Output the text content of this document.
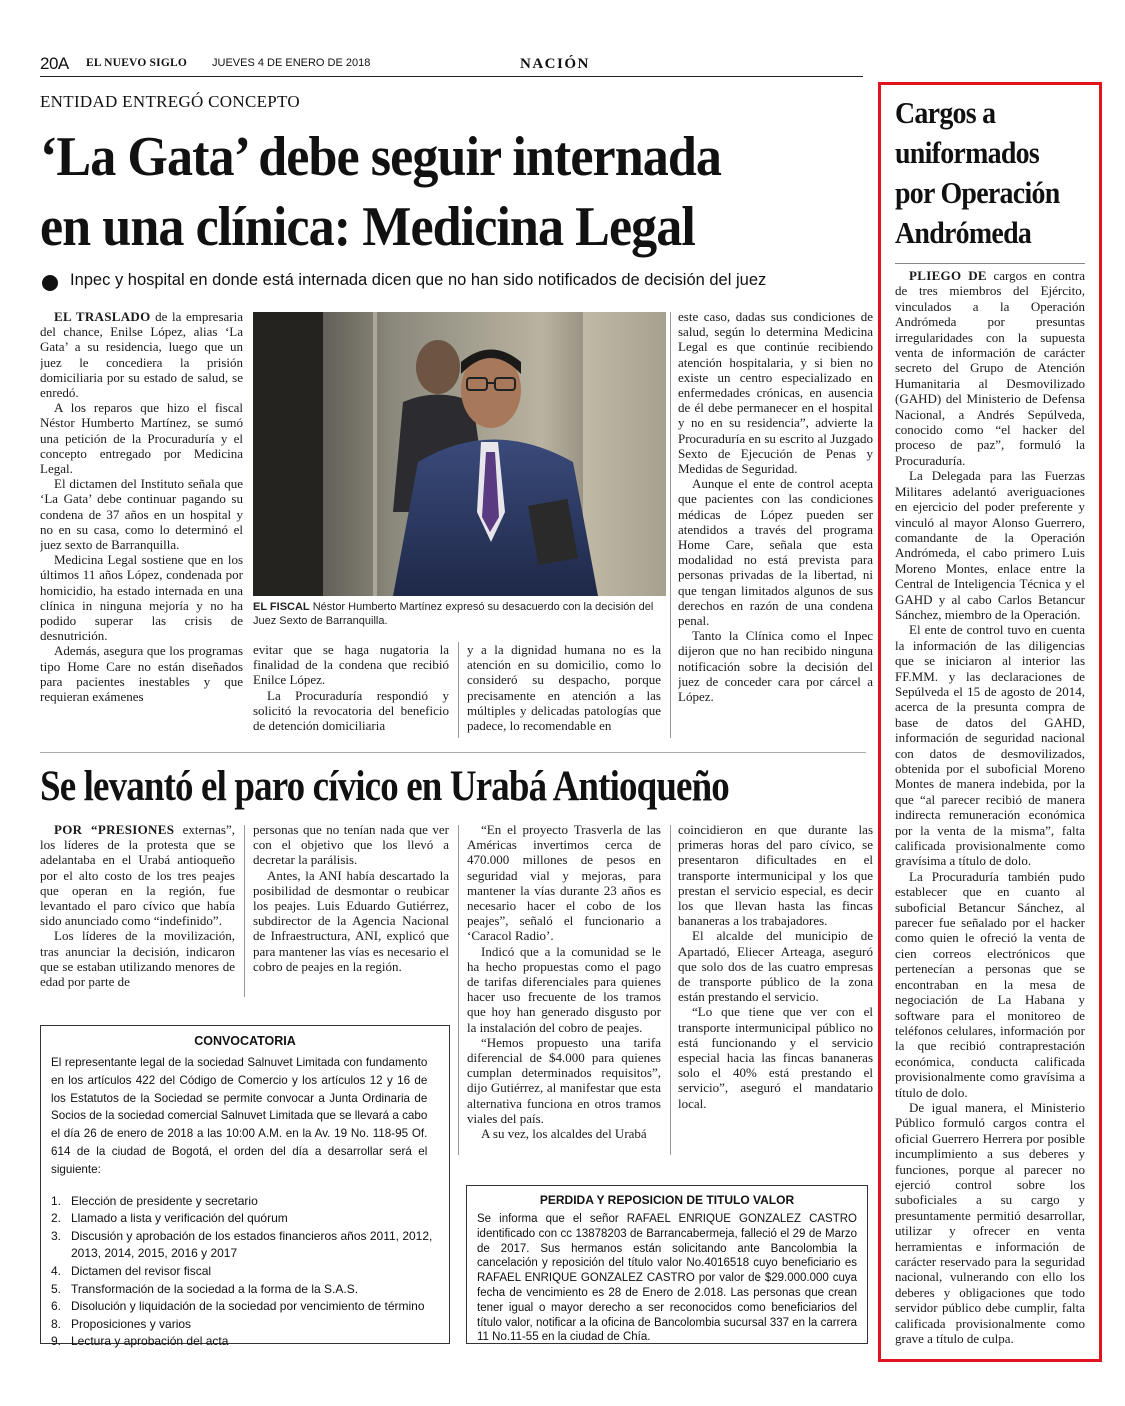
20A EL NUEVO SIGLO JUEVES 4 DE ENERO DE 2018	NACIÓN
ENTIDAD ENTREGÓ CONCEPTO
‘La Gata’ debe seguir internada
en una clínica: Medicina Legal
Inpec y hospital en donde está internada dicen que no han sido notificados de decisión del juez

EL TRASLADO de la empresaria del chance, Enilse López, alias ‘La Gata’ a su residencia, luego que un juez le concediera la prisión domiciliaria por su estado de salud, se enredó.

A los reparos que hizo el fiscal Néstor Humberto Martínez, se sumó una petición de la Procuraduría y el concepto entregado por Medicina Legal.

El dictamen del Instituto señala que ‘La Gata’ debe continuar pagando su condena de 37 años en un hospital y no en su casa, como lo determinó el juez sexto de Barranquilla.

Medicina Legal sostiene que en los últimos 11 años López, condenada por homicidio, ha estado internada en una clínica in ninguna mejoría y no ha podido superar las crisis de desnutrición.

Además, asegura que los programas tipo Home Care no están diseñados para pacientes inestables y que requieran exámenes

EL FISCAL Néstor Humberto Martínez expresó su desacuerdo con la decisión del Juez Sexto de Barranquilla.

evitar que se haga nugatoria la finalidad de la condena que recibió Enilce López.

La Procuraduría respondió y solicitó la revocatoria del beneficio de detención domiciliaria

y a la dignidad humana no es la atención en su domicilio, como lo consideró su despacho, porque precisamente en atención a las múltiples y delicadas patologías que padece, lo recomendable en

este caso, dadas sus condiciones de salud, según lo determina Medicina Legal es que continúe recibiendo atención hospitalaria, y si bien no existe un centro especializado en enfermedades crónicas, en ausencia de él debe permanecer en el hospital y no en su residencia”, advierte la Procuraduría en su escrito al Juzgado Sexto de Ejecución de Penas y Medidas de Seguridad.

Aunque el ente de control acepta que pacientes con las condiciones médicas de López pueden ser atendidos a través del programa Home Care, señala que esta modalidad no está prevista para personas privadas de la libertad, ni que tengan limitados algunos de sus derechos en razón de una condena penal.

Tanto la Clínica como el Inpec dijeron que no han recibido ninguna notificación sobre la decisión del juez de conceder cara por cárcel a López.

Se levantó el paro cívico en Urabá Antioqueño

POR “PRESIONES externas”, los líderes de la protesta que se adelantaba en el Urabá antioqueño por el alto costo de los tres peajes que operan en la región, fue levantado el paro cívico que había sido anunciado como “indefinido”.

Los líderes de la movilización, tras anunciar la decisión, indicaron que se estaban utilizando menores de edad por parte de

personas que no tenían nada que ver con el objetivo que los llevó a decretar la parálisis.

Antes, la ANI había descartado la posibilidad de desmontar o reubicar los peajes. Luis Eduardo Gutiérrez, subdirector de la Agencia Nacional de Infraestructura, ANI, explicó que para mantener las vías es necesario el cobro de peajes en la región.

“En el proyecto Trasverla de las Américas invertimos cerca de 470.000 millones de pesos en seguridad vial y mejoras, para mantener la vías durante 23 años es necesario hacer el cobo de los peajes”, señaló el funcionario a ‘Caracol Radio’.

Indicó que a la comunidad se le ha hecho propuestas como el pago de tarifas diferenciales para quienes hacer uso frecuente de los tramos que hoy han generado disgusto por la instalación del cobro de peajes.

“Hemos propuesto una tarifa diferencial de $4.000 para quienes cumplan determinados requisitos”, dijo Gutiérrez, al manifestar que esta alternativa funciona en otros tramos viales del país.

A su vez, los alcaldes del Urabá

coincidieron en que durante las primeras horas del paro cívico, se presentaron dificultades en el transporte intermunicipal y los que prestan el servicio especial, es decir los que llevan hasta las fincas bananeras a los trabajadores.

El alcalde del municipio de Apartadó, Eliecer Arteaga, aseguró que solo dos de las cuatro empresas de transporte público de la zona están prestando el servicio.

“Lo que tiene que ver con el transporte intermunicipal público no está funcionando y el servicio especial hacia las fincas bananeras solo el 40% está prestando el servicio”, aseguró el mandatario local.

CONVOCATORIA
El representante legal de la sociedad Salnuvet Limitada con fundamento en los artículos 422 del Código de Comercio y los artículos 12 y 16 de los Estatutos de la Sociedad se permite convocar a Junta Ordinaria de Socios de la sociedad comercial Salnuvet Limitada que se llevará a cabo el día 26 de enero de 2018 a las 10:00 A.M. en la Av. 19 No. 118-95 Of. 614 de la ciudad de Bogotá, el orden del día a desarrollar será el siguiente:
1. Elección de presidente y secretario
2. Llamado a lista y verificación del quórum
3. Discusión y aprobación de los estados financieros años 2011, 2012,
2013, 2014, 2015, 2016 y 2017
4. Dictamen del revisor fiscal
5. Transformación de la sociedad a la forma de la S.A.S.
6. Disolución y liquidación de la sociedad por vencimiento de término
8. Proposiciones y varios
9. Lectura y aprobación del acta
PERDIDA Y REPOSICION DE TITULO VALOR
Se informa que el señor RAFAEL ENRIQUE GONZALEZ CASTRO identificado con cc 13878203 de Barrancabermeja, falleció el 29 de Marzo de 2017. Sus hermanos están solicitando ante Bancolombia la cancelación y reposición del título valor No.4016518 cuyo beneficiario es RAFAEL ENRIQUE GONZALEZ CASTRO por valor de $29.000.000 cuya fecha de vencimiento es 28 de Enero de 2.018. Las personas que crean tener igual o mayor derecho a ser reconocidos como beneficiarios del título valor, notificar a la oficina de Bancolombia sucursal 337 en la carrera 11 No.11-55 en la ciudad de Chía.
Cargos a
uniformados
por Operación
Andrómeda

PLIEGO DE cargos en contra de tres miembros del Ejército, vinculados a la Operación Andrómeda por presuntas irregularidades con la supuesta venta de información de carácter secreto del Grupo de Atención Humanitaria al Desmovilizado (GAHD) del Ministerio de Defensa Nacional, a Andrés Sepúlveda, conocido como “el hacker del proceso de paz”, formuló la Procuraduría.

La Delegada para las Fuerzas Militares adelantó averiguaciones en ejercicio del poder preferente y vinculó al mayor Alonso Guerrero, comandante de la Operación Andrómeda, el cabo primero Luis Moreno Montes, enlace entre la Central de Inteligencia Técnica y el GAHD y al cabo Carlos Betancur Sánchez, miembro de la Operación.

El ente de control tuvo en cuenta la información de las diligencias que se iniciaron al interior las FF.MM. y las declaraciones de Sepúlveda el 15 de agosto de 2014, acerca de la presunta compra de base de datos del GAHD, información de seguridad nacional con datos de desmovilizados, obtenida por el suboficial Moreno Montes de manera indebida, por la que “al parecer recibió de manera indirecta remuneración económica por la venta de la misma”, falta calificada provisionalmente como gravísima a título de dolo.

La Procuraduría también pudo establecer que en cuanto al suboficial Betancur Sánchez, al parecer fue señalado por el hacker como quien le ofreció la venta de cien correos electrónicos que pertenecían a personas que se encontraban en la mesa de negociación de La Habana y software para el monitoreo de teléfonos celulares, información por la que recibió contraprestación económica, conducta calificada provisionalmente como gravísima a título de dolo.

De igual manera, el Ministerio Público formuló cargos contra el oficial Guerrero Herrera por posible incumplimiento a sus deberes y funciones, porque al parecer no ejerció control sobre los suboficiales a su cargo y presuntamente permitió desarrollar, utilizar y ofrecer en venta herramientas e información de carácter reservado para la seguridad nacional, vulnerando con ello los deberes y obligaciones que todo servidor público debe cumplir, falta calificada provisionalmente como grave a título de culpa.
